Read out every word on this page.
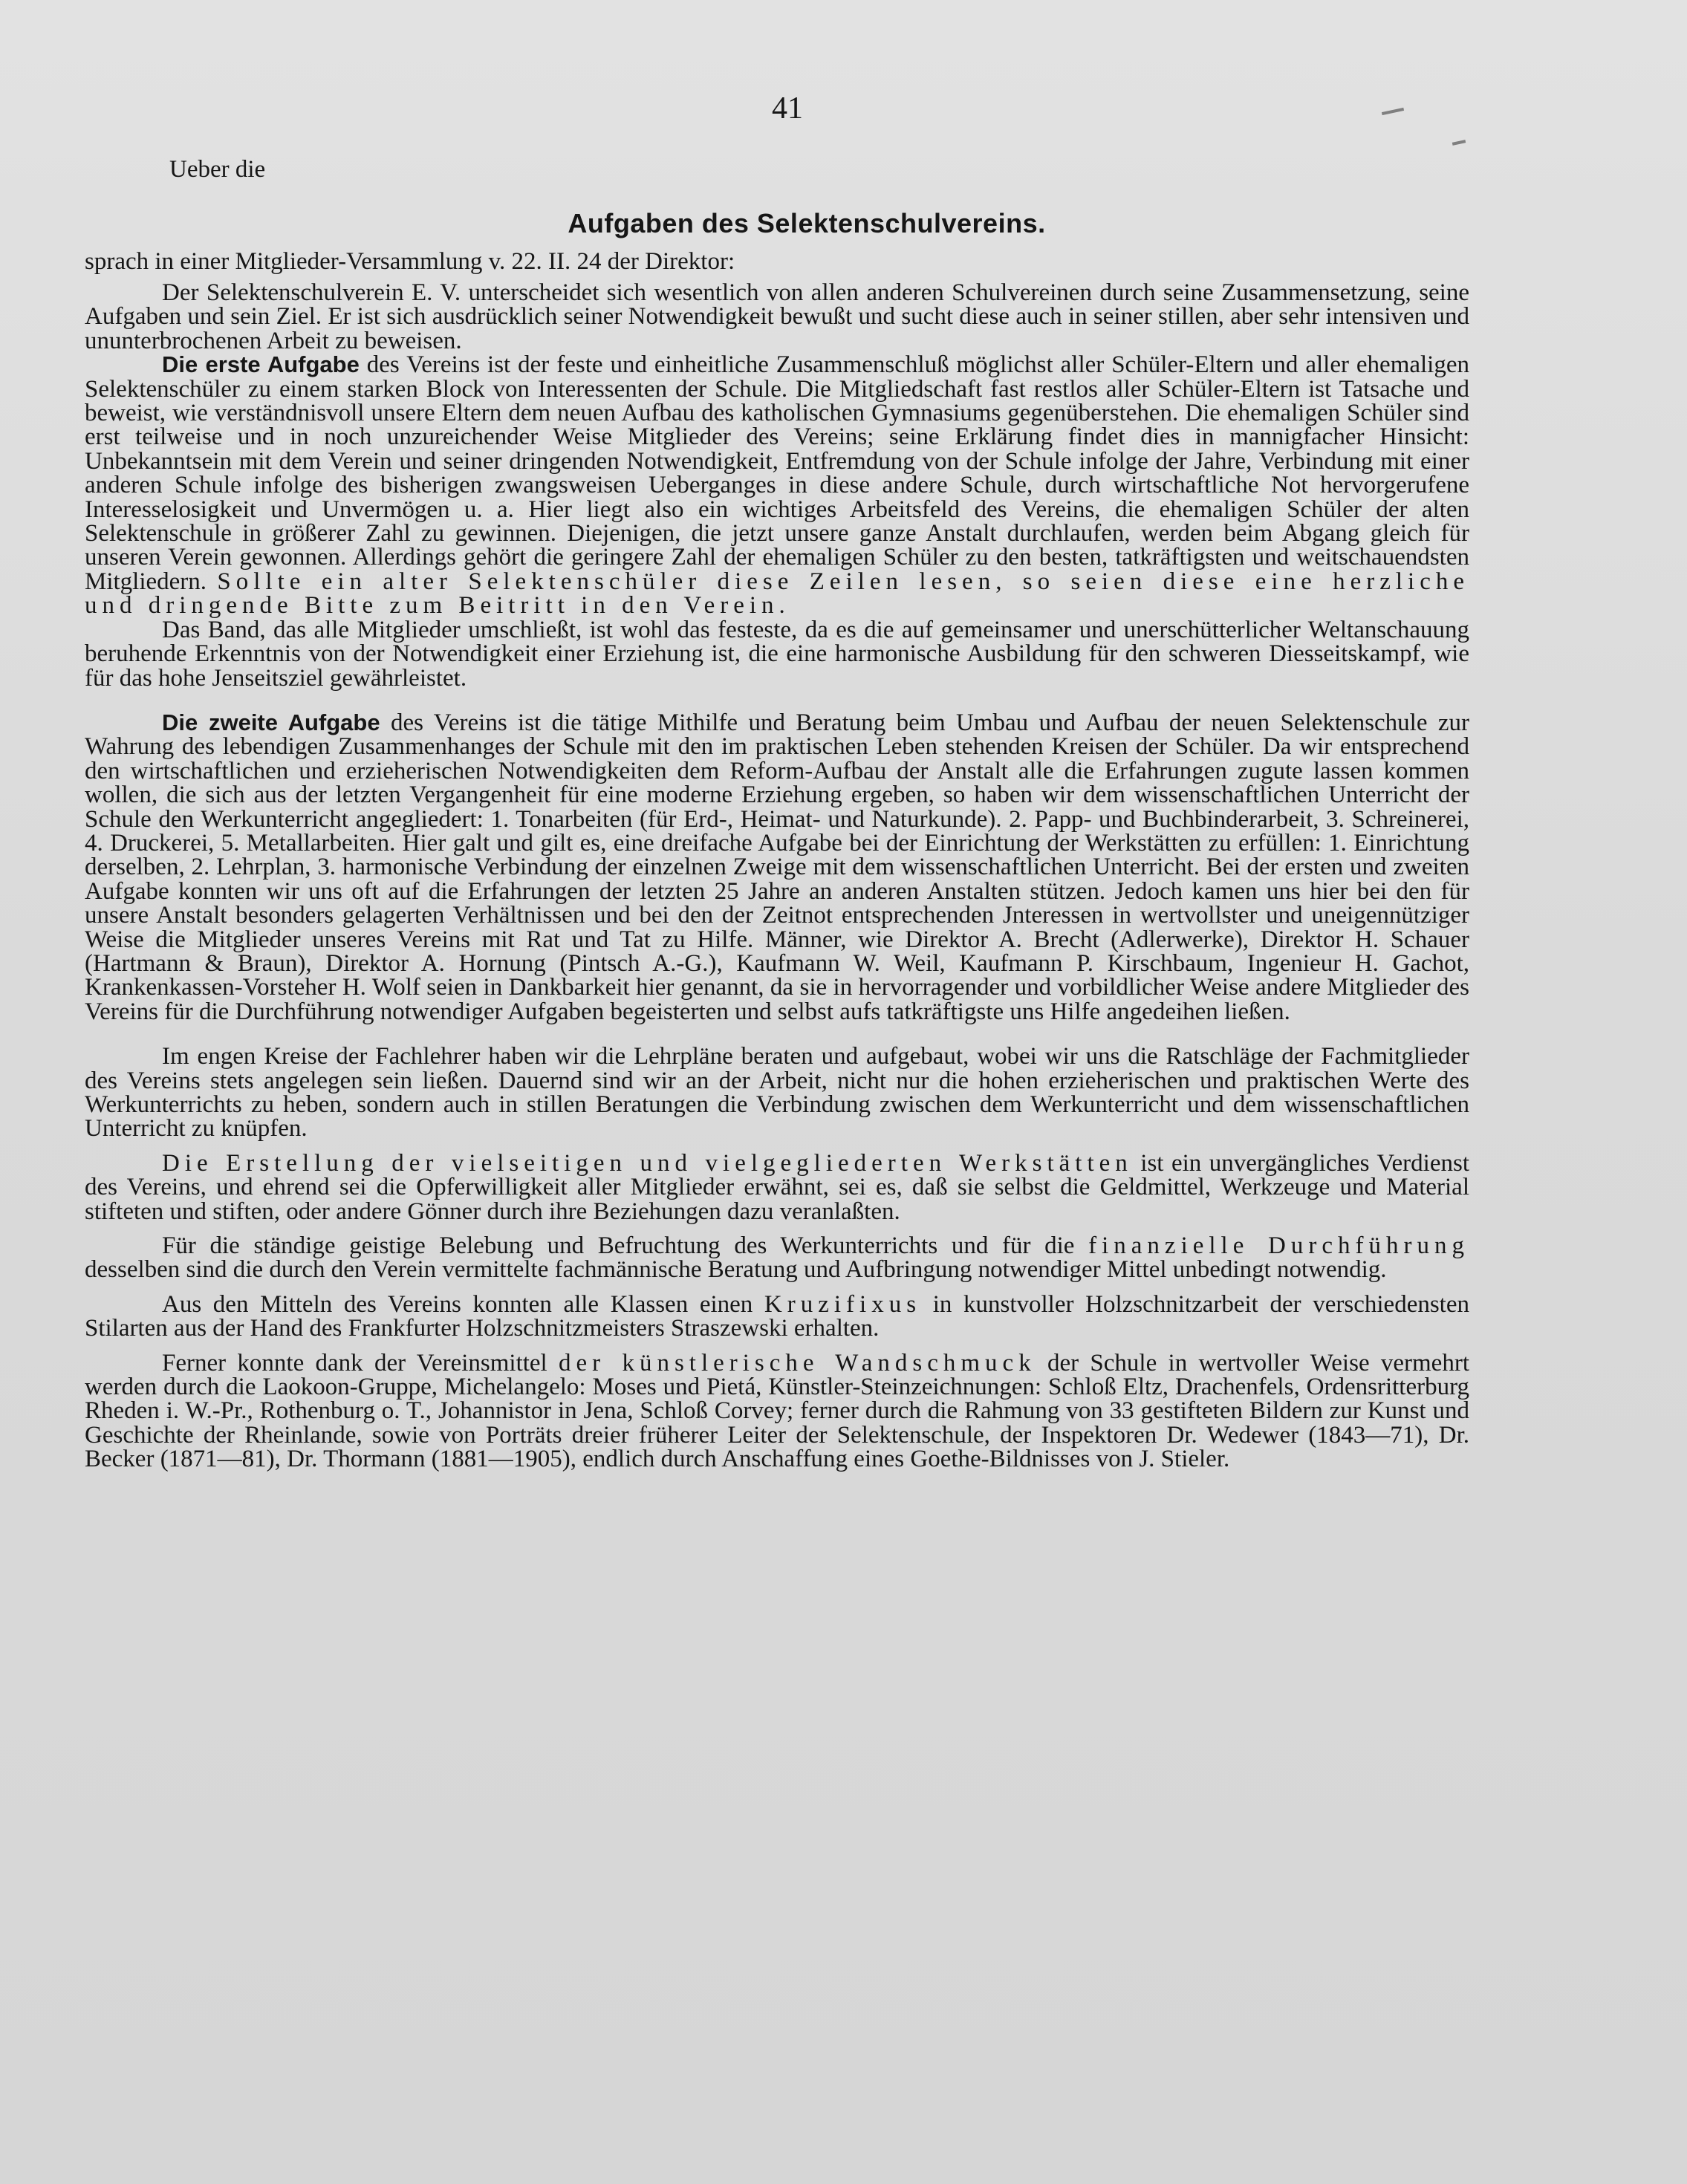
41
Ueber die
Aufgaben des Selektenschulvereins.
sprach in einer Mitglieder-Versammlung v. 22. II. 24 der Direktor:

Der Selektenschulverein E. V. unterscheidet sich wesentlich von allen anderen Schulvereinen durch seine Zusammensetzung, seine Aufgaben und sein Ziel. Er ist sich ausdrücklich seiner Notwendigkeit bewußt und sucht diese auch in seiner stillen, aber sehr intensiven und ununterbrochenen Arbeit zu beweisen.

Die erste Aufgabe des Vereins ist der feste und einheitliche Zusammenschluß möglichst aller Schüler-Eltern und aller ehemaligen Selektenschüler zu einem starken Block von Interessenten der Schule. Die Mitgliedschaft fast restlos aller Schüler-Eltern ist Tatsache und beweist, wie verständnisvoll unsere Eltern dem neuen Aufbau des katholischen Gymnasiums gegenüberstehen. Die ehemaligen Schüler sind erst teilweise und in noch unzureichender Weise Mitglieder des Vereins; seine Erklärung findet dies in mannigfacher Hinsicht: Unbekanntsein mit dem Verein und seiner dringenden Notwendigkeit, Entfremdung von der Schule infolge der Jahre, Verbindung mit einer anderen Schule infolge des bisherigen zwangsweisen Ueberganges in diese andere Schule, durch wirtschaftliche Not hervorgerufene Interesselosigkeit und Unvermögen u. a. Hier liegt also ein wichtiges Arbeitsfeld des Vereins, die ehemaligen Schüler der alten Selektenschule in größerer Zahl zu gewinnen. Diejenigen, die jetzt unsere ganze Anstalt durchlaufen, werden beim Abgang gleich für unseren Verein gewonnen. Allerdings gehört die geringere Zahl der ehemaligen Schüler zu den besten, tatkräftigsten und weitschauendsten Mitgliedern. Sollte ein alter Selektenschüler diese Zeilen lesen, so seien diese eine herzliche und dringende Bitte zum Beitritt in den Verein.

Das Band, das alle Mitglieder umschließt, ist wohl das festeste, da es die auf gemeinsamer und unerschütterlicher Weltanschauung beruhende Erkenntnis von der Notwendigkeit einer Erziehung ist, die eine harmonische Ausbildung für den schweren Diesseitskampf, wie für das hohe Jenseitsziel gewährleistet.

Die zweite Aufgabe des Vereins ist die tätige Mithilfe und Beratung beim Umbau und Aufbau der neuen Selektenschule zur Wahrung des lebendigen Zusammenhanges der Schule mit den im praktischen Leben stehenden Kreisen der Schüler. Da wir entsprechend den wirtschaftlichen und erzieherischen Notwendigkeiten dem Reform-Aufbau der Anstalt alle die Erfahrungen zugute lassen kommen wollen, die sich aus der letzten Vergangenheit für eine moderne Erziehung ergeben, so haben wir dem wissenschaftlichen Unterricht der Schule den Werkunterricht angegliedert: 1. Tonarbeiten (für Erd-, Heimat- und Naturkunde). 2. Papp- und Buchbinderarbeit, 3. Schreinerei, 4. Druckerei, 5. Metallarbeiten. Hier galt und gilt es, eine dreifache Aufgabe bei der Einrichtung der Werkstätten zu erfüllen: 1. Einrichtung derselben, 2. Lehrplan, 3. harmonische Verbindung der einzelnen Zweige mit dem wissenschaftlichen Unterricht. Bei der ersten und zweiten Aufgabe konnten wir uns oft auf die Erfahrungen der letzten 25 Jahre an anderen Anstalten stützen. Jedoch kamen uns hier bei den für unsere Anstalt besonders gelagerten Verhältnissen und bei den der Zeitnot entsprechenden Jnteressen in wertvollster und uneigennütziger Weise die Mitglieder unseres Vereins mit Rat und Tat zu Hilfe. Männer, wie Direktor A. Brecht (Adlerwerke), Direktor H. Schauer (Hartmann & Braun), Direktor A. Hornung (Pintsch A.-G.), Kaufmann W. Weil, Kaufmann P. Kirschbaum, Ingenieur H. Gachot, Krankenkassen-Vorsteher H. Wolf seien in Dankbarkeit hier genannt, da sie in hervorragender und vorbildlicher Weise andere Mitglieder des Vereins für die Durchführung notwendiger Aufgaben begeisterten und selbst aufs tatkräftigste uns Hilfe angedeihen ließen.

Im engen Kreise der Fachlehrer haben wir die Lehrpläne beraten und aufgebaut, wobei wir uns die Ratschläge der Fachmitglieder des Vereins stets angelegen sein ließen. Dauernd sind wir an der Arbeit, nicht nur die hohen erzieherischen und praktischen Werte des Werkunterrichts zu heben, sondern auch in stillen Beratungen die Verbindung zwischen dem Werkunterricht und dem wissenschaftlichen Unterricht zu knüpfen.

Die Erstellung der vielseitigen und vielgegliederten Werkstätten ist ein unvergängliches Verdienst des Vereins, und ehrend sei die Opferwilligkeit aller Mitglieder erwähnt, sei es, daß sie selbst die Geldmittel, Werkzeuge und Material stifteten und stiften, oder andere Gönner durch ihre Beziehungen dazu veranlaßten.

Für die ständige geistige Belebung und Befruchtung des Werkunterrichts und für die finanzielle Durchführung desselben sind die durch den Verein vermittelte fachmännische Beratung und Aufbringung notwendiger Mittel unbedingt notwendig.

Aus den Mitteln des Vereins konnten alle Klassen einen Kruzifixus in kunstvoller Holzschnitzarbeit der verschiedensten Stilarten aus der Hand des Frankfurter Holzschnitzmeisters Straszewski erhalten.

Ferner konnte dank der Vereinsmittel der künstlerische Wandschmuck der Schule in wertvoller Weise vermehrt werden durch die Laokoon-Gruppe, Michelangelo: Moses und Pietá, Künstler-Steinzeichnungen: Schloß Eltz, Drachenfels, Ordensritterburg Rheden i. W.-Pr., Rothenburg o. T., Johannistor in Jena, Schloß Corvey; ferner durch die Rahmung von 33 gestifteten Bildern zur Kunst und Geschichte der Rheinlande, sowie von Porträts dreier früherer Leiter der Selektenschule, der Inspektoren Dr. Wedewer (1843—71), Dr. Becker (1871—81), Dr. Thormann (1881—1905), endlich durch Anschaffung eines Goethe-Bildnisses von J. Stieler.
